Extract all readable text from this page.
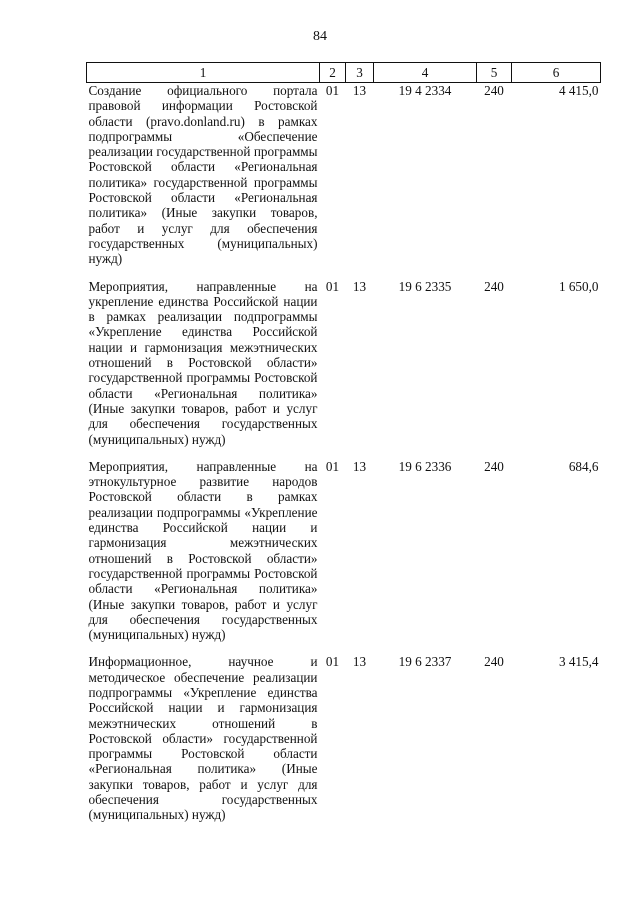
84
1	2	3	4	5	6
Создание официального портала правовой информации Ростовской области (pravo.donland.ru) в рамках подпрограммы «Обеспечение реализации государственной программы Ростовской области «Региональная политика» государственной программы Ростовской области «Региональная политика» (Иные закупки товаров, работ и услуг для обеспечения государственных (муниципальных) нужд)	01	13	19 4 2334	240	4 415,0
Мероприятия, направленные на укрепление единства Российской нации в рамках реализации подпрограммы «Укрепление единства Российской нации и гармонизация межэтнических отношений в Ростовской области» государственной программы Ростовской области «Региональная политика» (Иные закупки товаров, работ и услуг для обеспечения государственных (муниципальных) нужд)	01	13	19 6 2335	240	1 650,0
Мероприятия, направленные на этнокультурное развитие народов Ростовской области в рамках реализации подпрограммы «Укрепление единства Российской нации и гармонизация межэтнических отношений в Ростовской области» государственной программы Ростовской области «Региональная политика» (Иные закупки товаров, работ и услуг для обеспечения государственных (муниципальных) нужд)	01	13	19 6 2336	240	684,6
Информационное, научное и методическое обеспечение реализации подпрограммы «Укрепление единства Российской нации и гармонизация межэтнических отношений в Ростовской области» государственной программы Ростовской области «Региональная политика» (Иные закупки товаров, работ и услуг для обеспечения государственных (муниципальных) нужд)	01	13	19 6 2337	240	3 415,4
